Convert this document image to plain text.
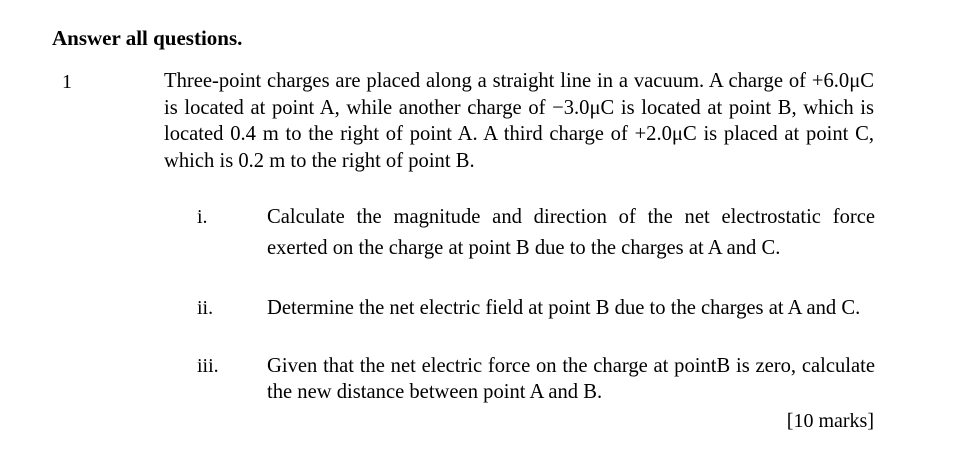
Answer all questions.
1	Three-point charges are placed along a straight line in a vacuum. A charge of +6.0μC is located at point A, while another charge of −3.0μC is located at point B, which is located 0.4 m to the right of point A. A third charge of +2.0μC is placed at point C, which is 0.2 m to the right of point B.
i.	Calculate the magnitude and direction of the net electrostatic force exerted on the charge at point B due to the charges at A and C.
ii.	Determine the net electric field at point B due to the charges at A and C.
iii. Given that the net electric force on the charge at pointB is zero, calculate the new distance between point A and B.
[10 marks]
